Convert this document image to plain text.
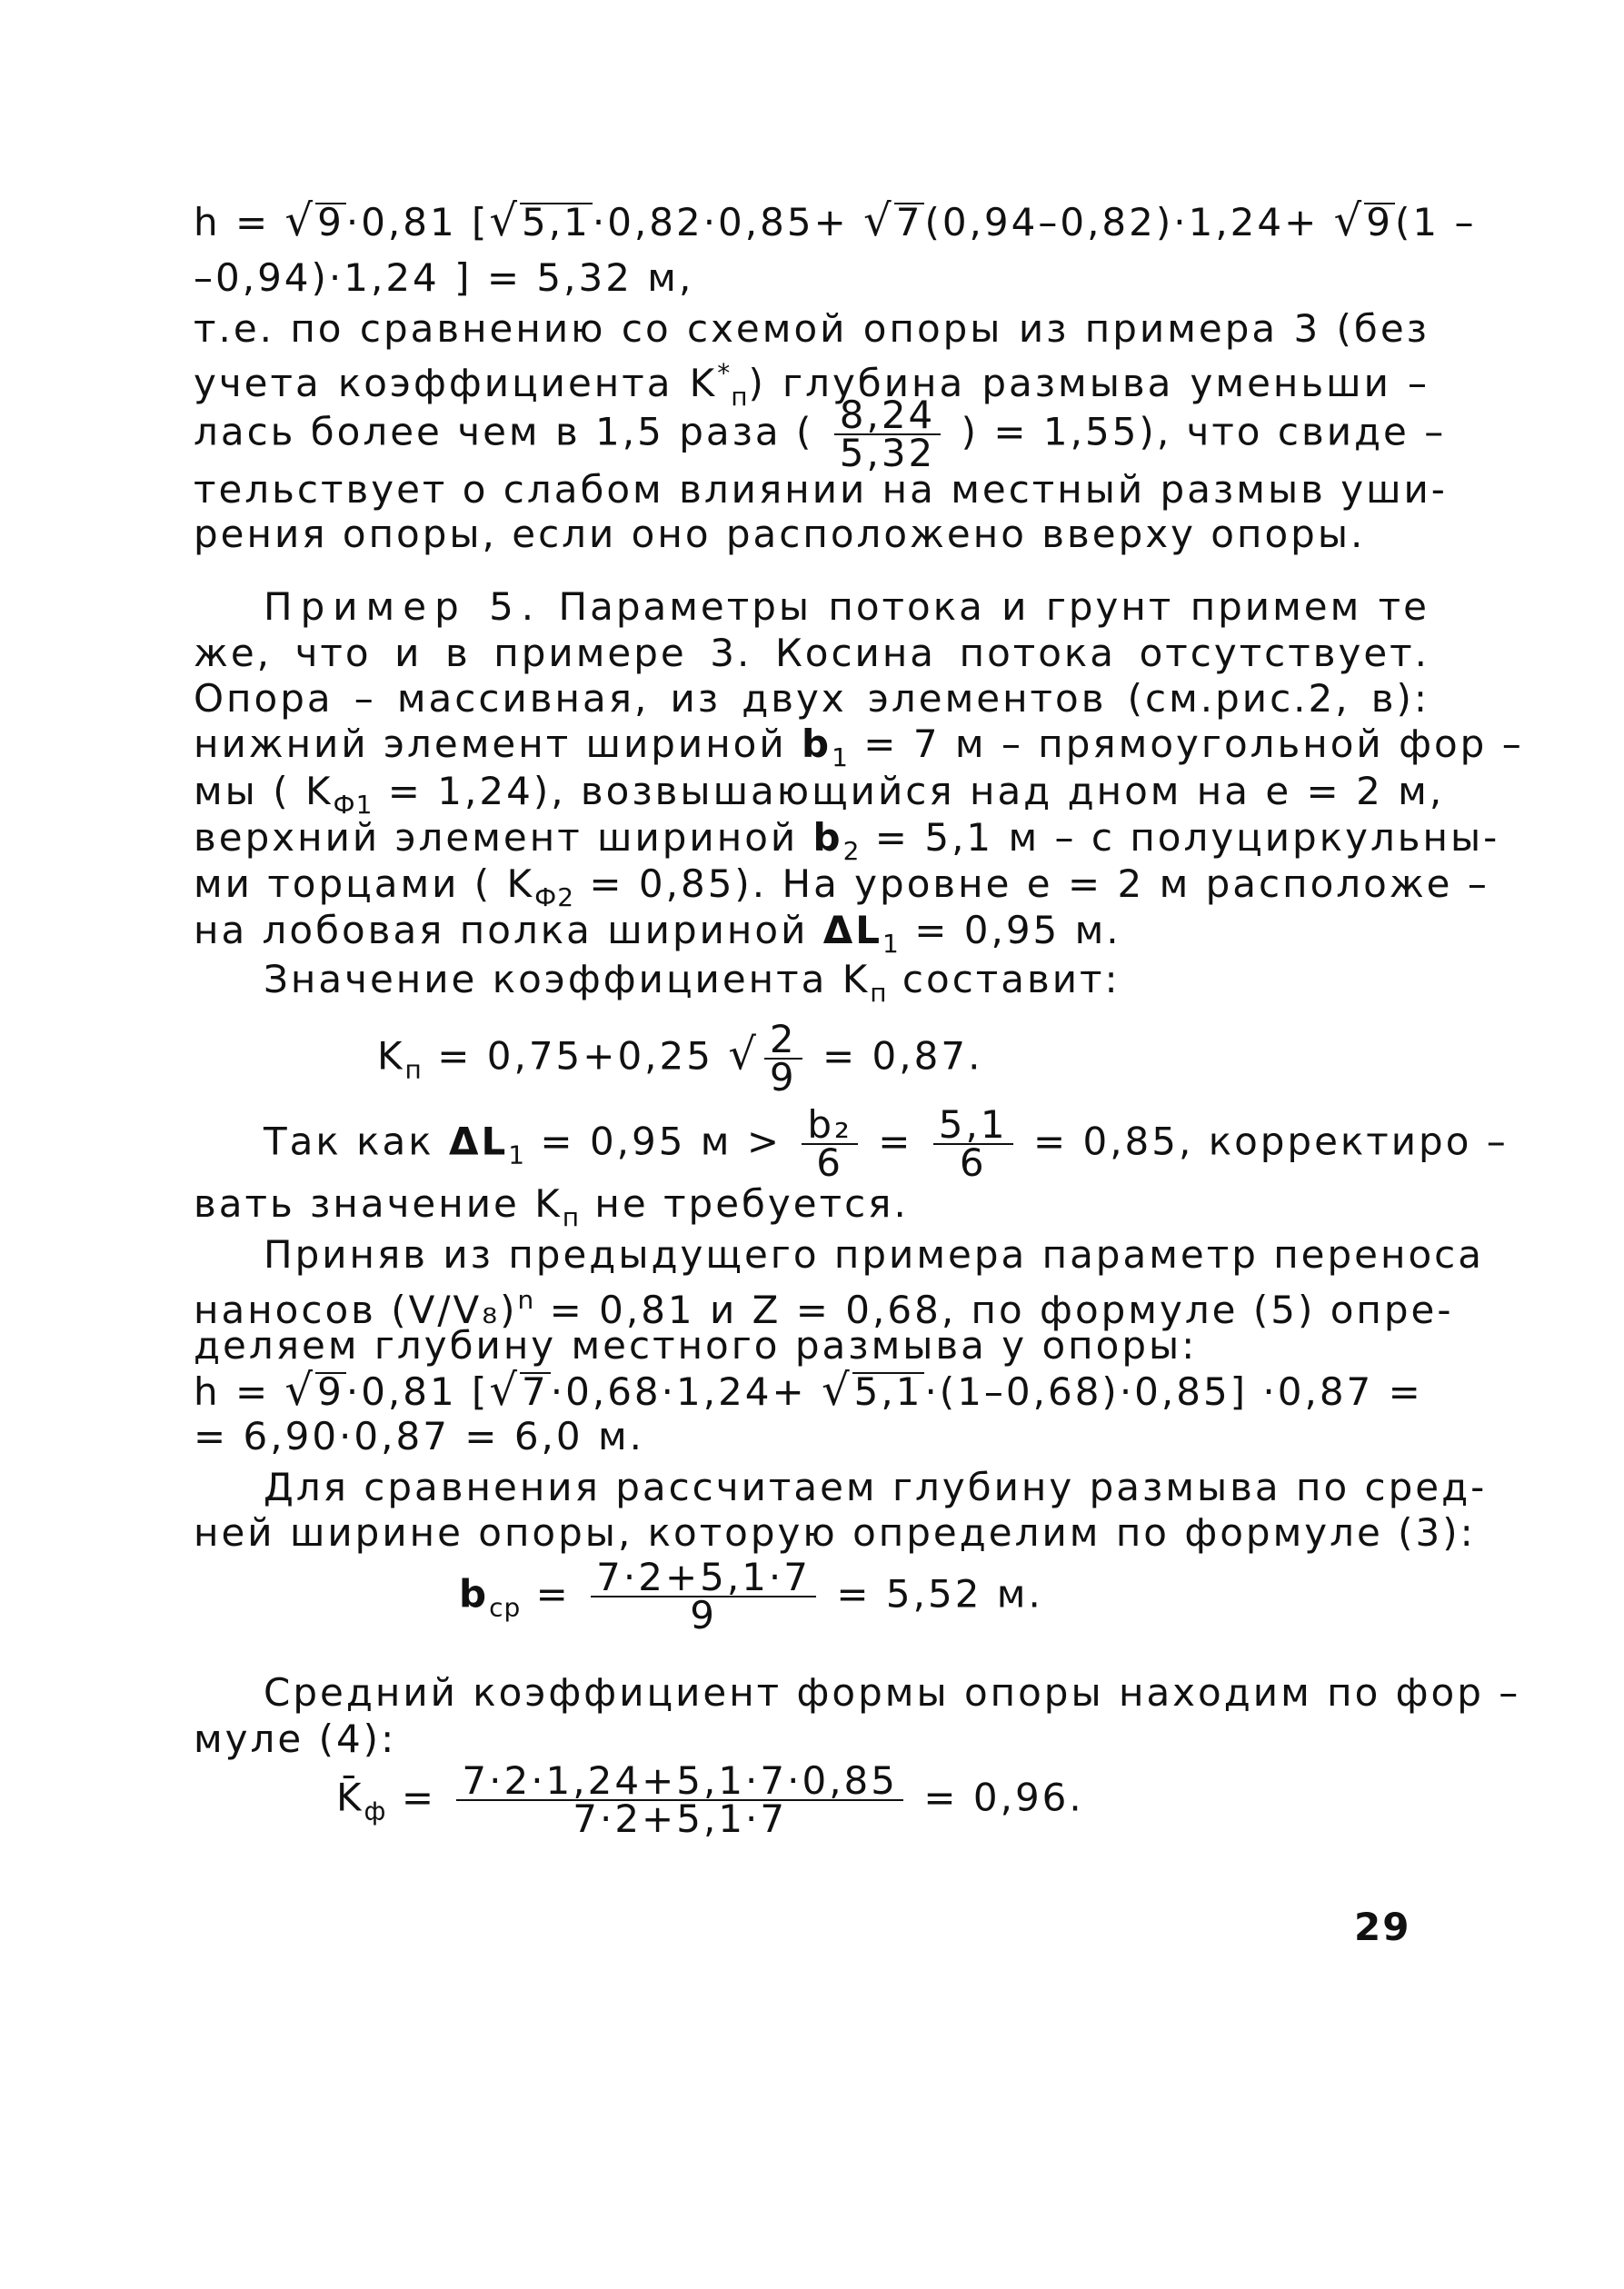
h = √9·0,81 [√5,1·0,82·0,85+ √7(0,94–0,82)·1,24+ √9(1 –
–0,94)·1,24 ] = 5,32 м,
т.е. по сравнению со схемой опоры из примера 3 (без
учета коэффициента $K^*_п$) глубина размыва уменьши –
лась более чем в 1,5 раза ( $\frac{8,24}{5,32}$ ) = 1,55), что свиде –
тельствует о слабом влиянии на местный размыв уши-
рения опоры, если оно расположено вверху опоры.
Пример 5. Параметры потока и грунт примем те
же, что и в примере 3. Косина потока отсутствует.
Опора – массивная, из двух элементов (см.рис.2, в):
нижний элемент шириной $b_1 = 7$ м – прямоугольной фор –
мы ( $K_{Ф1} = 1,24$), возвышающийся над дном на e = 2 м,
верхний элемент шириной $b_2 = 5,1$ м – с полуциркульны-
ми торцами ( $K_{Ф2} = 0,85$). На уровне e = 2 м расположе –
на лобовая полка шириной $\Delta L_1 = 0,95$ м.
Значение коэффициента $K_п$ составит:
$K_п = 0,75+0,25$ √ $\frac{2}{9} = 0,87$.
Так как $\Delta L_1 = 0,95$ $м > \frac{\text{b₂}}{6} = \frac{5,1}{6} = 0,85$, корректиро –
вать значение $K_п$ не требуется.
Приняв из предыдущего примера параметр переноса
наносов $(V/V_8)^n = 0,81$ и Z = 0,68, по формуле (5) опре-
деляем глубину местного размыва у опоры:
h = √9·0,81 [√7·0,68·1,24+ √5,1·(1–0,68)·0,85] ·0,87 =
= 6,90·0,87 = 6,0 м.
Для сравнения рассчитаем глубину размыва по сред-
ней ширине опоры, которую определим по формуле (3):
$b_{ср} = \frac{7\cdot 2+5,1\cdot 7}{9} = 5,52$ м.
Средний коэффициент формы опоры находим по фор –
муле (4):
$K̄_ф = \frac{7\cdot 2\cdot 1,24+5,1\cdot 7\cdot 0,85}{7\cdot 2+5,1\cdot 7} = 0,96$.
29
